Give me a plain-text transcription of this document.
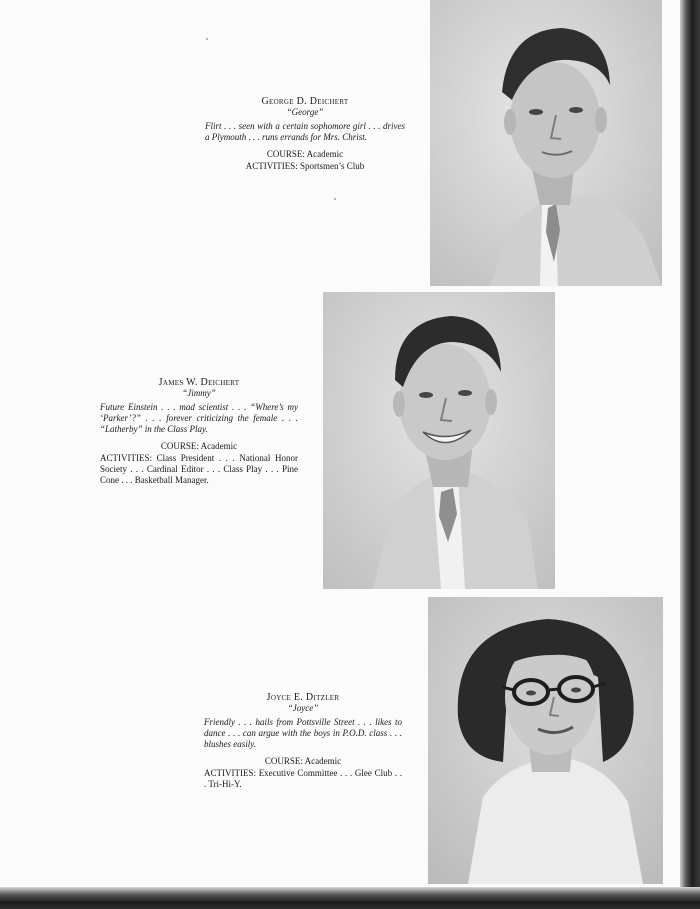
George D. Deichert

“George”

Flirt . . . seen with a certain sophomore girl . . . drives a Plymouth . . . runs errands for Mrs. Christ.

COURSE: Academic

ACTIVITIES: Sportsmen’s Club

James W. Deichert

“Jimmy”

Future Einstein . . . mad scientist . . . “Where’s my ‘Parker’?” . . . forever criticizing the female . . . “Latherby” in the Class Play.

COURSE: Academic

ACTIVITIES: Class President . . . National Honor Society . . . Cardinal Editor . . . Class Play . . . Pine Cone . . . Basketball Manager.

Joyce E. Ditzler

“Joyce”

Friendly . . . hails from Pottsville Street . . . likes to dance . . . can argue with the boys in P.O.D. class . . . blushes easily.

COURSE: Academic

ACTIVITIES: Executive Committee . . . Glee Club . . . Tri-Hi-Y.
